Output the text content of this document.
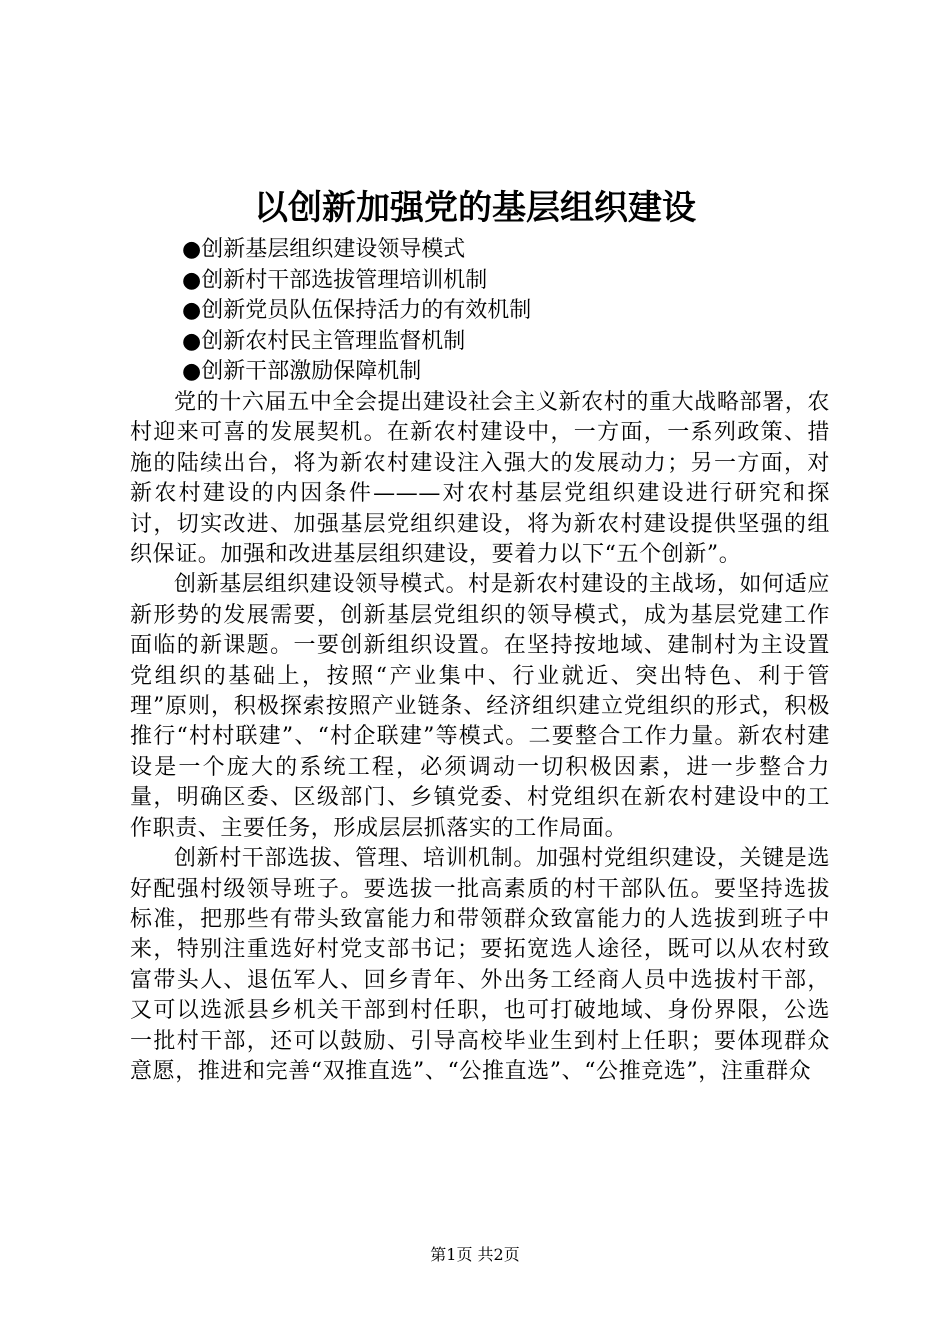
以创新加强党的基层组织建设
●创新基层组织建设领导模式
●创新村干部选拔管理培训机制
●创新党员队伍保持活力的有效机制
●创新农村民主管理监督机制
●创新干部激励保障机制

党的十六届五中全会提出建设社会主义新农村的重大战略部署，农村迎来可喜的发展契机。在新农村建设中，一方面，一系列政策、措施的陆续出台，将为新农村建设注入强大的发展动力；另一方面，对新农村建设的内因条件———对农村基层党组织建设进行研究和探讨，切实改进、加强基层党组织建设，将为新农村建设提供坚强的组织保证。加强和改进基层组织建设，要着力以下“五个创新”。

创新基层组织建设领导模式。村是新农村建设的主战场，如何适应新形势的发展需要，创新基层党组织的领导模式，成为基层党建工作面临的新课题。一要创新组织设置。在坚持按地域、建制村为主设置党组织的基础上，按照“产业集中、行业就近、突出特色、利于管理”原则，积极探索按照产业链条、经济组织建立党组织的形式，积极推行“村村联建”、“村企联建”等模式。二要整合工作力量。新农村建设是一个庞大的系统工程，必须调动一切积极因素，进一步整合力量，明确区委、区级部门、乡镇党委、村党组织在新农村建设中的工作职责、主要任务，形成层层抓落实的工作局面。

创新村干部选拔、管理、培训机制。加强村党组织建设，关键是选好配强村级领导班子。要选拔一批高素质的村干部队伍。要坚持选拔标准，把那些有带头致富能力和带领群众致富能力的人选拔到班子中来，特别注重选好村党支部书记；要拓宽选人途径，既可以从农村致富带头人、退伍军人、回乡青年、外出务工经商人员中选拔村干部，又可以选派县乡机关干部到村任职，也可打破地域、身份界限，公选一批村干部，还可以鼓励、引导高校毕业生到村上任职；要体现群众意愿，推进和完善“双推直选”、“公推直选”、“公推竞选”，注重群众

第1页 共2页
